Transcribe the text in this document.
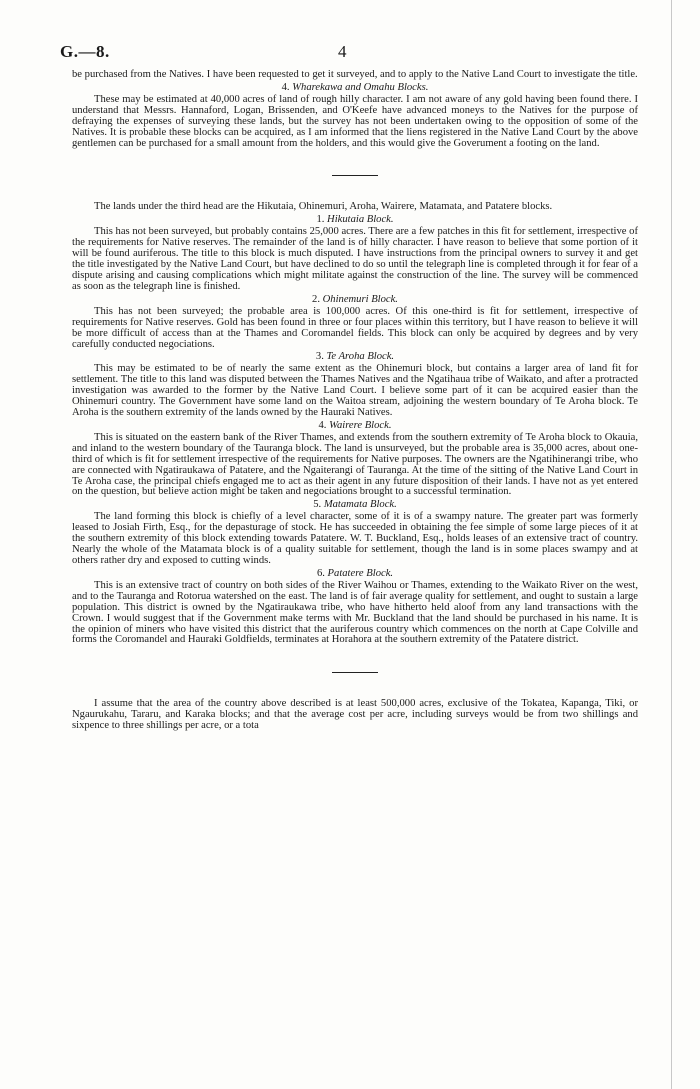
G.—8.	4

be purchased from the Natives. I have been requested to get it surveyed, and to apply to the Native Land Court to investigate the title.

4. Wharekawa and Omahu Blocks.

These may be estimated at 40,000 acres of land of rough hilly character. I am not aware of any gold having been found there. I understand that Messrs. Hannaford, Logan, Brissenden, and O'Keefe have advanced moneys to the Natives for the purpose of defraying the expenses of surveying these lands, but the survey has not been undertaken owing to the opposition of some of the Natives. It is probable these blocks can be acquired, as I am informed that the liens registered in the Native Land Court by the above gentlemen can be purchased for a small amount from the holders, and this would give the Goverument a footing on the land.

The lands under the third head are the Hikutaia, Ohinemuri, Aroha, Wairere, Matamata, and Patatere blocks.

1. Hikutaia Block.

This has not been surveyed, but probably contains 25,000 acres. There are a few patches in this fit for settlement, irrespective of the requirements for Native reserves. The remainder of the land is of hilly character. I have reason to believe that some portion of it will be found auriferous. The title to this block is much disputed. I have instructions from the principal owners to survey it and get the title investigated by the Native Land Court, but have declined to do so until the telegraph line is completed through it for fear of a dispute arising and causing complications which might militate against the construction of the line. The survey will be commenced as soon as the telegraph line is finished.

2. Ohinemuri Block.

This has not been surveyed; the probable area is 100,000 acres. Of this one-third is fit for settlement, irrespective of requirements for Native reserves. Gold has been found in three or four places within this territory, but I have reason to believe it will be more difficult of access than at the Thames and Coromandel fields. This block can only be acquired by degrees and by very carefully conducted negociations.

3. Te Aroha Block.

This may be estimated to be of nearly the same extent as the Ohinemuri block, but contains a larger area of land fit for settlement. The title to this land was disputed between the Thames Natives and the Ngatihaua tribe of Waikato, and after a protracted investigation was awarded to the former by the Native Land Court. I believe some part of it can be acquired easier than the Ohinemuri country. The Government have some land on the Waitoa stream, adjoining the western boundary of Te Aroha block. Te Aroha is the southern extremity of the lands owned by the Hauraki Natives.

4. Wairere Block.

This is situated on the eastern bank of the River Thames, and extends from the southern extremity of Te Aroha block to Okauia, and inland to the western boundary of the Tauranga block. The land is unsurveyed, but the probable area is 35,000 acres, about one-third of which is fit for settlement irrespective of the requirements for Native purposes. The owners are the Ngatihinerangi tribe, who are connected with Ngatiraukawa of Patatere, and the Ngaiterangi of Tauranga. At the time of the sitting of the Native Land Court in Te Aroha case, the principal chiefs engaged me to act as their agent in any future disposition of their lands. I have not as yet entered on the question, but believe action might be taken and negociations brought to a successful termination.

5. Matamata Block.

The land forming this block is chiefly of a level character, some of it is of a swampy nature. The greater part was formerly leased to Josiah Firth, Esq., for the depasturage of stock. He has succeeded in obtaining the fee simple of some large pieces of it at the southern extremity of this block extending towards Patatere. W. T. Buckland, Esq., holds leases of an extensive tract of country. Nearly the whole of the Matamata block is of a quality suitable for settlement, though the land is in some places swampy and at others rather dry and exposed to cutting winds.

6. Patatere Block.

This is an extensive tract of country on both sides of the River Waihou or Thames, extending to the Waikato River on the west, and to the Tauranga and Rotorua watershed on the east. The land is of fair average quality for settlement, and ought to sustain a large population. This district is owned by the Ngatiraukawa tribe, who have hitherto held aloof from any land transactions with the Crown. I would suggest that if the Government make terms with Mr. Buckland that the land should be purchased in his name. It is the opinion of miners who have visited this district that the auriferous country which commences on the north at Cape Colville and forms the Coromandel and Hauraki Goldfields, terminates at Horahora at the southern extremity of the Patatere district.

I assume that the area of the country above described is at least 500,000 acres, exclusive of the Tokatea, Kapanga, Tiki, or Ngaurukahu, Tararu, and Karaka blocks; and that the average cost per acre, including surveys would be from two shillings and sixpence to three shillings per acre, or a tota
